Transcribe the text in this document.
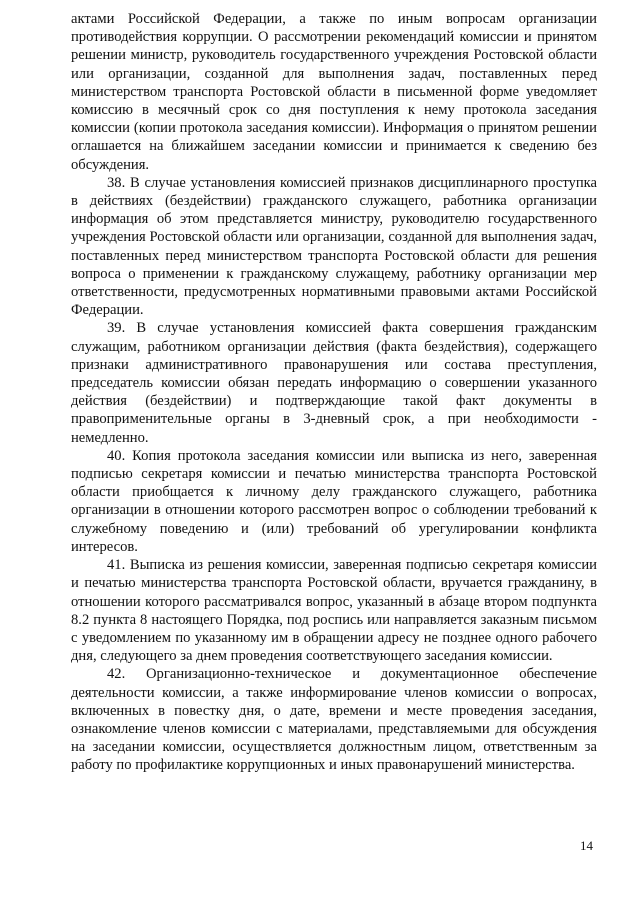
актами Российской Федерации, а также по иным вопросам организации противодействия коррупции. О рассмотрении рекомендаций комиссии и принятом решении министр, руководитель государственного учреждения Ростовской области или организации, созданной для выполнения задач, поставленных перед министерством транспорта Ростовской области в письменной форме уведомляет комиссию в месячный срок со дня поступления к нему протокола заседания комиссии (копии протокола заседания комиссии). Информация о принятом решении оглашается на ближайшем заседании комиссии и принимается к сведению без обсуждения.

38. В случае установления комиссией признаков дисциплинарного проступка в действиях (бездействии) гражданского служащего, работника организации информация об этом представляется министру, руководителю государственного учреждения Ростовской области или организации, созданной для выполнения задач, поставленных перед министерством транспорта Ростовской области для решения вопроса о применении к гражданскому служащему, работнику организации мер ответственности, предусмотренных нормативными правовыми актами Российской Федерации.

39. В случае установления комиссией факта совершения гражданским служащим, работником организации действия (факта бездействия), содержащего признаки административного правонарушения или состава преступления, председатель комиссии обязан передать информацию о совершении указанного действия (бездействии) и подтверждающие такой факт документы в правоприменительные органы в 3-дневный срок, а при необходимости - немедленно.

40. Копия протокола заседания комиссии или выписка из него, заверенная подписью секретаря комиссии и печатью министерства транспорта Ростовской области приобщается к личному делу гражданского служащего, работника организации в отношении которого рассмотрен вопрос о соблюдении требований к служебному поведению и (или) требований об урегулировании конфликта интересов.

41. Выписка из решения комиссии, заверенная подписью секретаря комиссии и печатью министерства транспорта Ростовской области, вручается гражданину, в отношении которого рассматривался вопрос, указанный в абзаце втором подпункта 8.2 пункта 8 настоящего Порядка, под роспись или направляется заказным письмом с уведомлением по указанному им в обращении адресу не позднее одного рабочего дня, следующего за днем проведения соответствующего заседания комиссии.

42. Организационно-техническое и документационное обеспечение деятельности комиссии, а также информирование членов комиссии о вопросах, включенных в повестку дня, о дате, времени и месте проведения заседания, ознакомление членов комиссии с материалами, представляемыми для обсуждения на заседании комиссии, осуществляется должностным лицом, ответственным за работу по профилактике коррупционных и иных правонарушений министерства.

14
